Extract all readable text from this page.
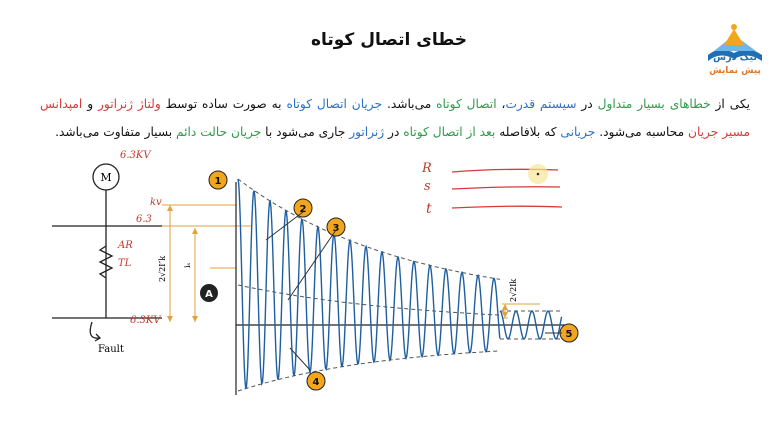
خطای اتصال کوتاه
نیک درس
پیش نمایش
یکی از خطاهای بسیار متداول در سیستم قدرت، اتصال کوتاه می‌باشد. جریان اتصال کوتاه به صورت ساده توسط ولتاژ ژنراتور و امپدانس مسیر جریان محاسبه می‌شود. جریانی که بلافاصله بعد از اتصال کوتاه در ژنراتور جاری می‌شود با جریان حالت دائم بسیار متفاوت می‌باشد.
M
Fault
6.3KV
kv
6.3
AR
TL
6.3KV
R
s
t
2√2I″k iₛ
2√2Ik
1
2
3
4
5
A
